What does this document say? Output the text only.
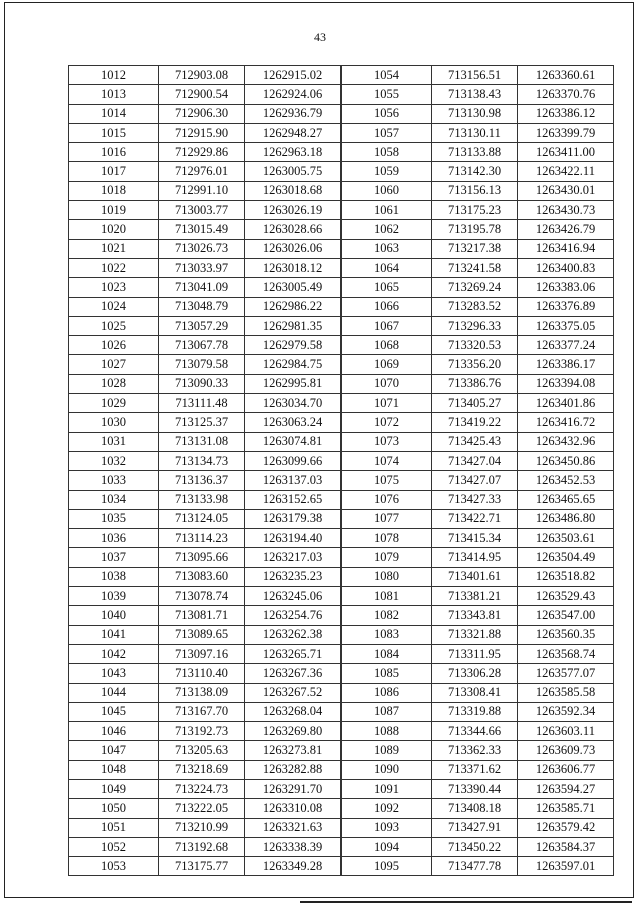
43
1012	712903.08	1262915.02
1013	712900.54	1262924.06
1014	712906.30	1262936.79
1015	712915.90	1262948.27
1016	712929.86	1262963.18
1017	712976.01	1263005.75
1018	712991.10	1263018.68
1019	713003.77	1263026.19
1020	713015.49	1263028.66
1021	713026.73	1263026.06
1022	713033.97	1263018.12
1023	713041.09	1263005.49
1024	713048.79	1262986.22
1025	713057.29	1262981.35
1026	713067.78	1262979.58
1027	713079.58	1262984.75
1028	713090.33	1262995.81
1029	713111.48	1263034.70
1030	713125.37	1263063.24
1031	713131.08	1263074.81
1032	713134.73	1263099.66
1033	713136.37	1263137.03
1034	713133.98	1263152.65
1035	713124.05	1263179.38
1036	713114.23	1263194.40
1037	713095.66	1263217.03
1038	713083.60	1263235.23
1039	713078.74	1263245.06
1040	713081.71	1263254.76
1041	713089.65	1263262.38
1042	713097.16	1263265.71
1043	713110.40	1263267.36
1044	713138.09	1263267.52
1045	713167.70	1263268.04
1046	713192.73	1263269.80
1047	713205.63	1263273.81
1048	713218.69	1263282.88
1049	713224.73	1263291.70
1050	713222.05	1263310.08
1051	713210.99	1263321.63
1052	713192.68	1263338.39
1053	713175.77	1263349.28
1054	713156.51	1263360.61
1055	713138.43	1263370.76
1056	713130.98	1263386.12
1057	713130.11	1263399.79
1058	713133.88	1263411.00
1059	713142.30	1263422.11
1060	713156.13	1263430.01
1061	713175.23	1263430.73
1062	713195.78	1263426.79
1063	713217.38	1263416.94
1064	713241.58	1263400.83
1065	713269.24	1263383.06
1066	713283.52	1263376.89
1067	713296.33	1263375.05
1068	713320.53	1263377.24
1069	713356.20	1263386.17
1070	713386.76	1263394.08
1071	713405.27	1263401.86
1072	713419.22	1263416.72
1073	713425.43	1263432.96
1074	713427.04	1263450.86
1075	713427.07	1263452.53
1076	713427.33	1263465.65
1077	713422.71	1263486.80
1078	713415.34	1263503.61
1079	713414.95	1263504.49
1080	713401.61	1263518.82
1081	713381.21	1263529.43
1082	713343.81	1263547.00
1083	713321.88	1263560.35
1084	713311.95	1263568.74
1085	713306.28	1263577.07
1086	713308.41	1263585.58
1087	713319.88	1263592.34
1088	713344.66	1263603.11
1089	713362.33	1263609.73
1090	713371.62	1263606.77
1091	713390.44	1263594.27
1092	713408.18	1263585.71
1093	713427.91	1263579.42
1094	713450.22	1263584.37
1095	713477.78	1263597.01
